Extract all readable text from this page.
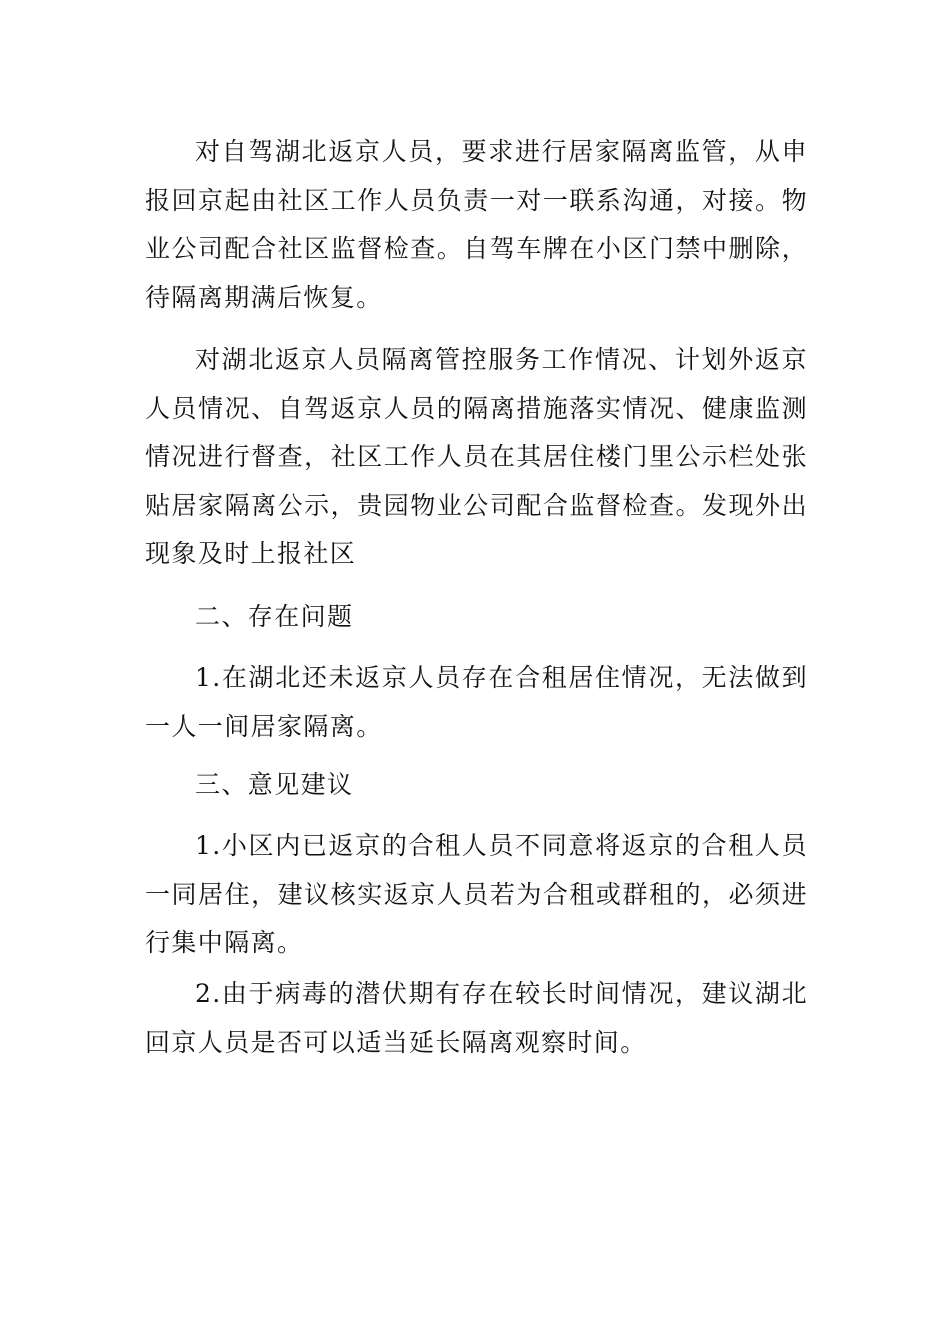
对自驾湖北返京人员，要求进行居家隔离监管，从申报回京起由社区工作人员负责一对一联系沟通，对接。物业公司配合社区监督检查。自驾车牌在小区门禁中删除，待隔离期满后恢复。

对湖北返京人员隔离管控服务工作情况、计划外返京人员情况、自驾返京人员的隔离措施落实情况、健康监测情况进行督查，社区工作人员在其居住楼门里公示栏处张贴居家隔离公示，贵园物业公司配合监督检查。发现外出现象及时上报社区

二、存在问题

1.在湖北还未返京人员存在合租居住情况，无法做到一人一间居家隔离。

三、意见建议

1.小区内已返京的合租人员不同意将返京的合租人员一同居住，建议核实返京人员若为合租或群租的，必须进行集中隔离。

2.由于病毒的潜伏期有存在较长时间情况，建议湖北回京人员是否可以适当延长隔离观察时间。
